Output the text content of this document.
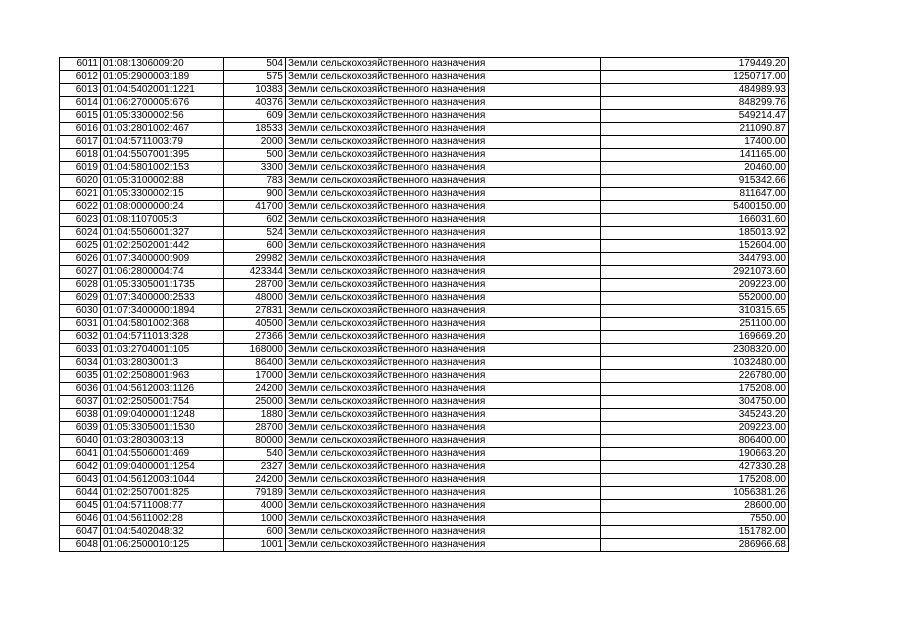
6011	01:08:1306009:20	504	Земли сельскохозяйственного назначения	179449.20
6012	01:05:2900003:189	575	Земли сельскохозяйственного назначения	1250717.00
6013	01:04:5402001:1221	10383	Земли сельскохозяйственного назначения	484989.93
6014	01:06:2700005:676	40376	Земли сельскохозяйственного назначения	848299.76
6015	01:05:3300002:56	609	Земли сельскохозяйственного назначения	549214.47
6016	01:03:2801002:467	18533	Земли сельскохозяйственного назначения	211090.87
6017	01:04:5711003:79	2000	Земли сельскохозяйственного назначения	17400.00
6018	01:04:5507001:395	500	Земли сельскохозяйственного назначения	141165.00
6019	01:04:5801002:153	3300	Земли сельскохозяйственного назначения	20460.00
6020	01:05:3100002:88	783	Земли сельскохозяйственного назначения	915342.66
6021	01:05:3300002:15	900	Земли сельскохозяйственного назначения	811647.00
6022	01:08:0000000:24	41700	Земли сельскохозяйственного назначения	5400150.00
6023	01:08:1107005:3	602	Земли сельскохозяйственного назначения	166031.60
6024	01:04:5506001:327	524	Земли сельскохозяйственного назначения	185013.92
6025	01:02:2502001:442	600	Земли сельскохозяйственного назначения	152604.00
6026	01:07:3400000:909	29982	Земли сельскохозяйственного назначения	344793.00
6027	01:06:2800004:74	423344	Земли сельскохозяйственного назначения	2921073.60
6028	01:05:3305001:1735	28700	Земли сельскохозяйственного назначения	209223.00
6029	01:07:3400000:2533	48000	Земли сельскохозяйственного назначения	552000.00
6030	01:07:3400000:1894	27831	Земли сельскохозяйственного назначения	310315.65
6031	01:04:5801002:368	40500	Земли сельскохозяйственного назначения	251100.00
6032	01:04:5711013:328	27366	Земли сельскохозяйственного назначения	169669.20
6033	01:03:2704001:105	168000	Земли сельскохозяйственного назначения	2308320.00
6034	01:03:2803001:3	86400	Земли сельскохозяйственного назначения	1032480.00
6035	01:02:2508001:963	17000	Земли сельскохозяйственного назначения	226780.00
6036	01:04:5612003:1126	24200	Земли сельскохозяйственного назначения	175208.00
6037	01:02:2505001:754	25000	Земли сельскохозяйственного назначения	304750.00
6038	01:09:0400001:1248	1880	Земли сельскохозяйственного назначения	345243.20
6039	01:05:3305001:1530	28700	Земли сельскохозяйственного назначения	209223.00
6040	01:03:2803003:13	80000	Земли сельскохозяйственного назначения	806400.00
6041	01:04:5506001:469	540	Земли сельскохозяйственного назначения	190663.20
6042	01:09:0400001:1254	2327	Земли сельскохозяйственного назначения	427330.28
6043	01:04:5612003:1044	24200	Земли сельскохозяйственного назначения	175208.00
6044	01:02:2507001:825	79189	Земли сельскохозяйственного назначения	1056381.26
6045	01:04:5711008:77	4000	Земли сельскохозяйственного назначения	28600.00
6046	01:04:5611002:28	1000	Земли сельскохозяйственного назначения	7550.00
6047	01:04:5402048:32	600	Земли сельскохозяйственного назначения	151782.00
6048	01:06:2500010:125	1001	Земли сельскохозяйственного назначения	286966.68
